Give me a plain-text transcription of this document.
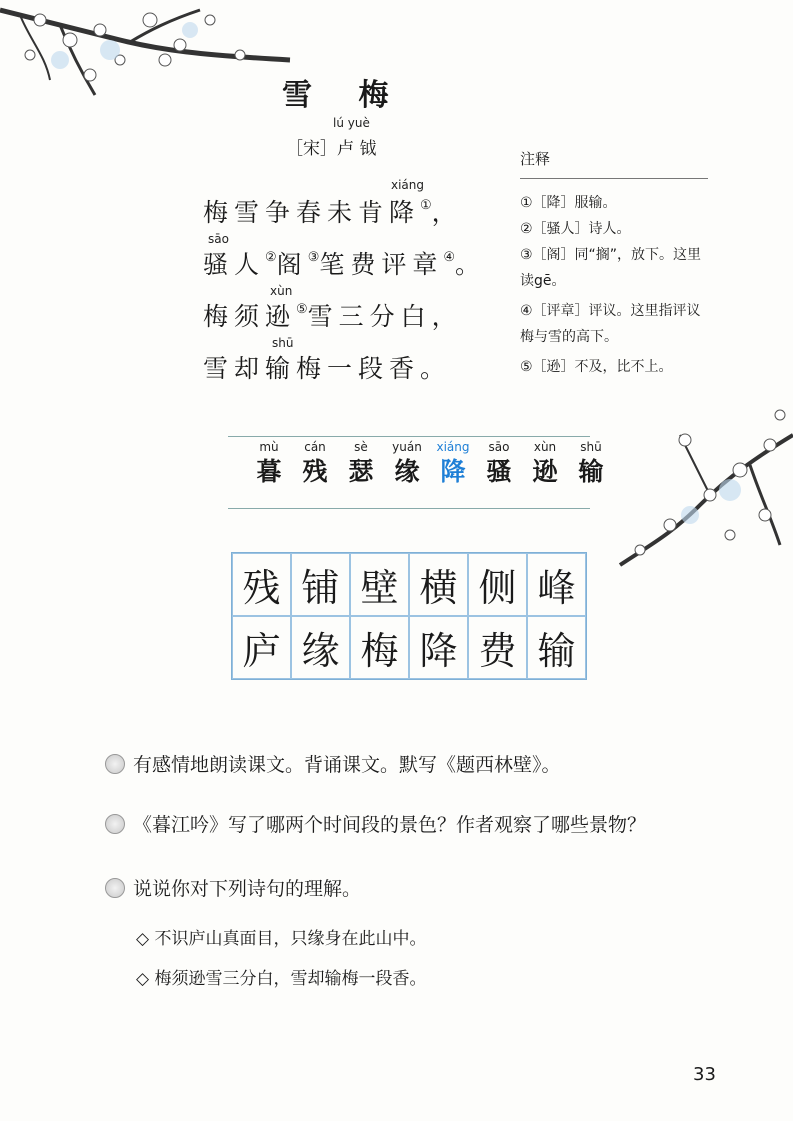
雪 梅
lú yuè
［宋］卢 钺
xiáng
梅雪争春未肯降①，
sāo
骚人②阁③笔费评章④。
xùn
梅须逊⑤雪三分白，
shū
雪却输梅一段香。
注释
①［降］服输。
②［骚人］诗人。
③［阁］同“搁”，放下。这里读gē。
④［评章］评议。这里指评议梅与雪的高下。
⑤［逊］不及，比不上。
mù
暮
cán
残
sè
瑟
yuán
缘
xiáng
降
sāo
骚
xùn
逊
shū
输
残 铺 壁 横 侧 峰
庐 缘 梅 降 费 输
有感情地朗读课文。背诵课文。默写《题西林壁》。
《暮江吟》写了哪两个时间段的景色？作者观察了哪些景物？
说说你对下列诗句的理解。
◇ 不识庐山真面目，只缘身在此山中。
◇ 梅须逊雪三分白，雪却输梅一段香。
33
